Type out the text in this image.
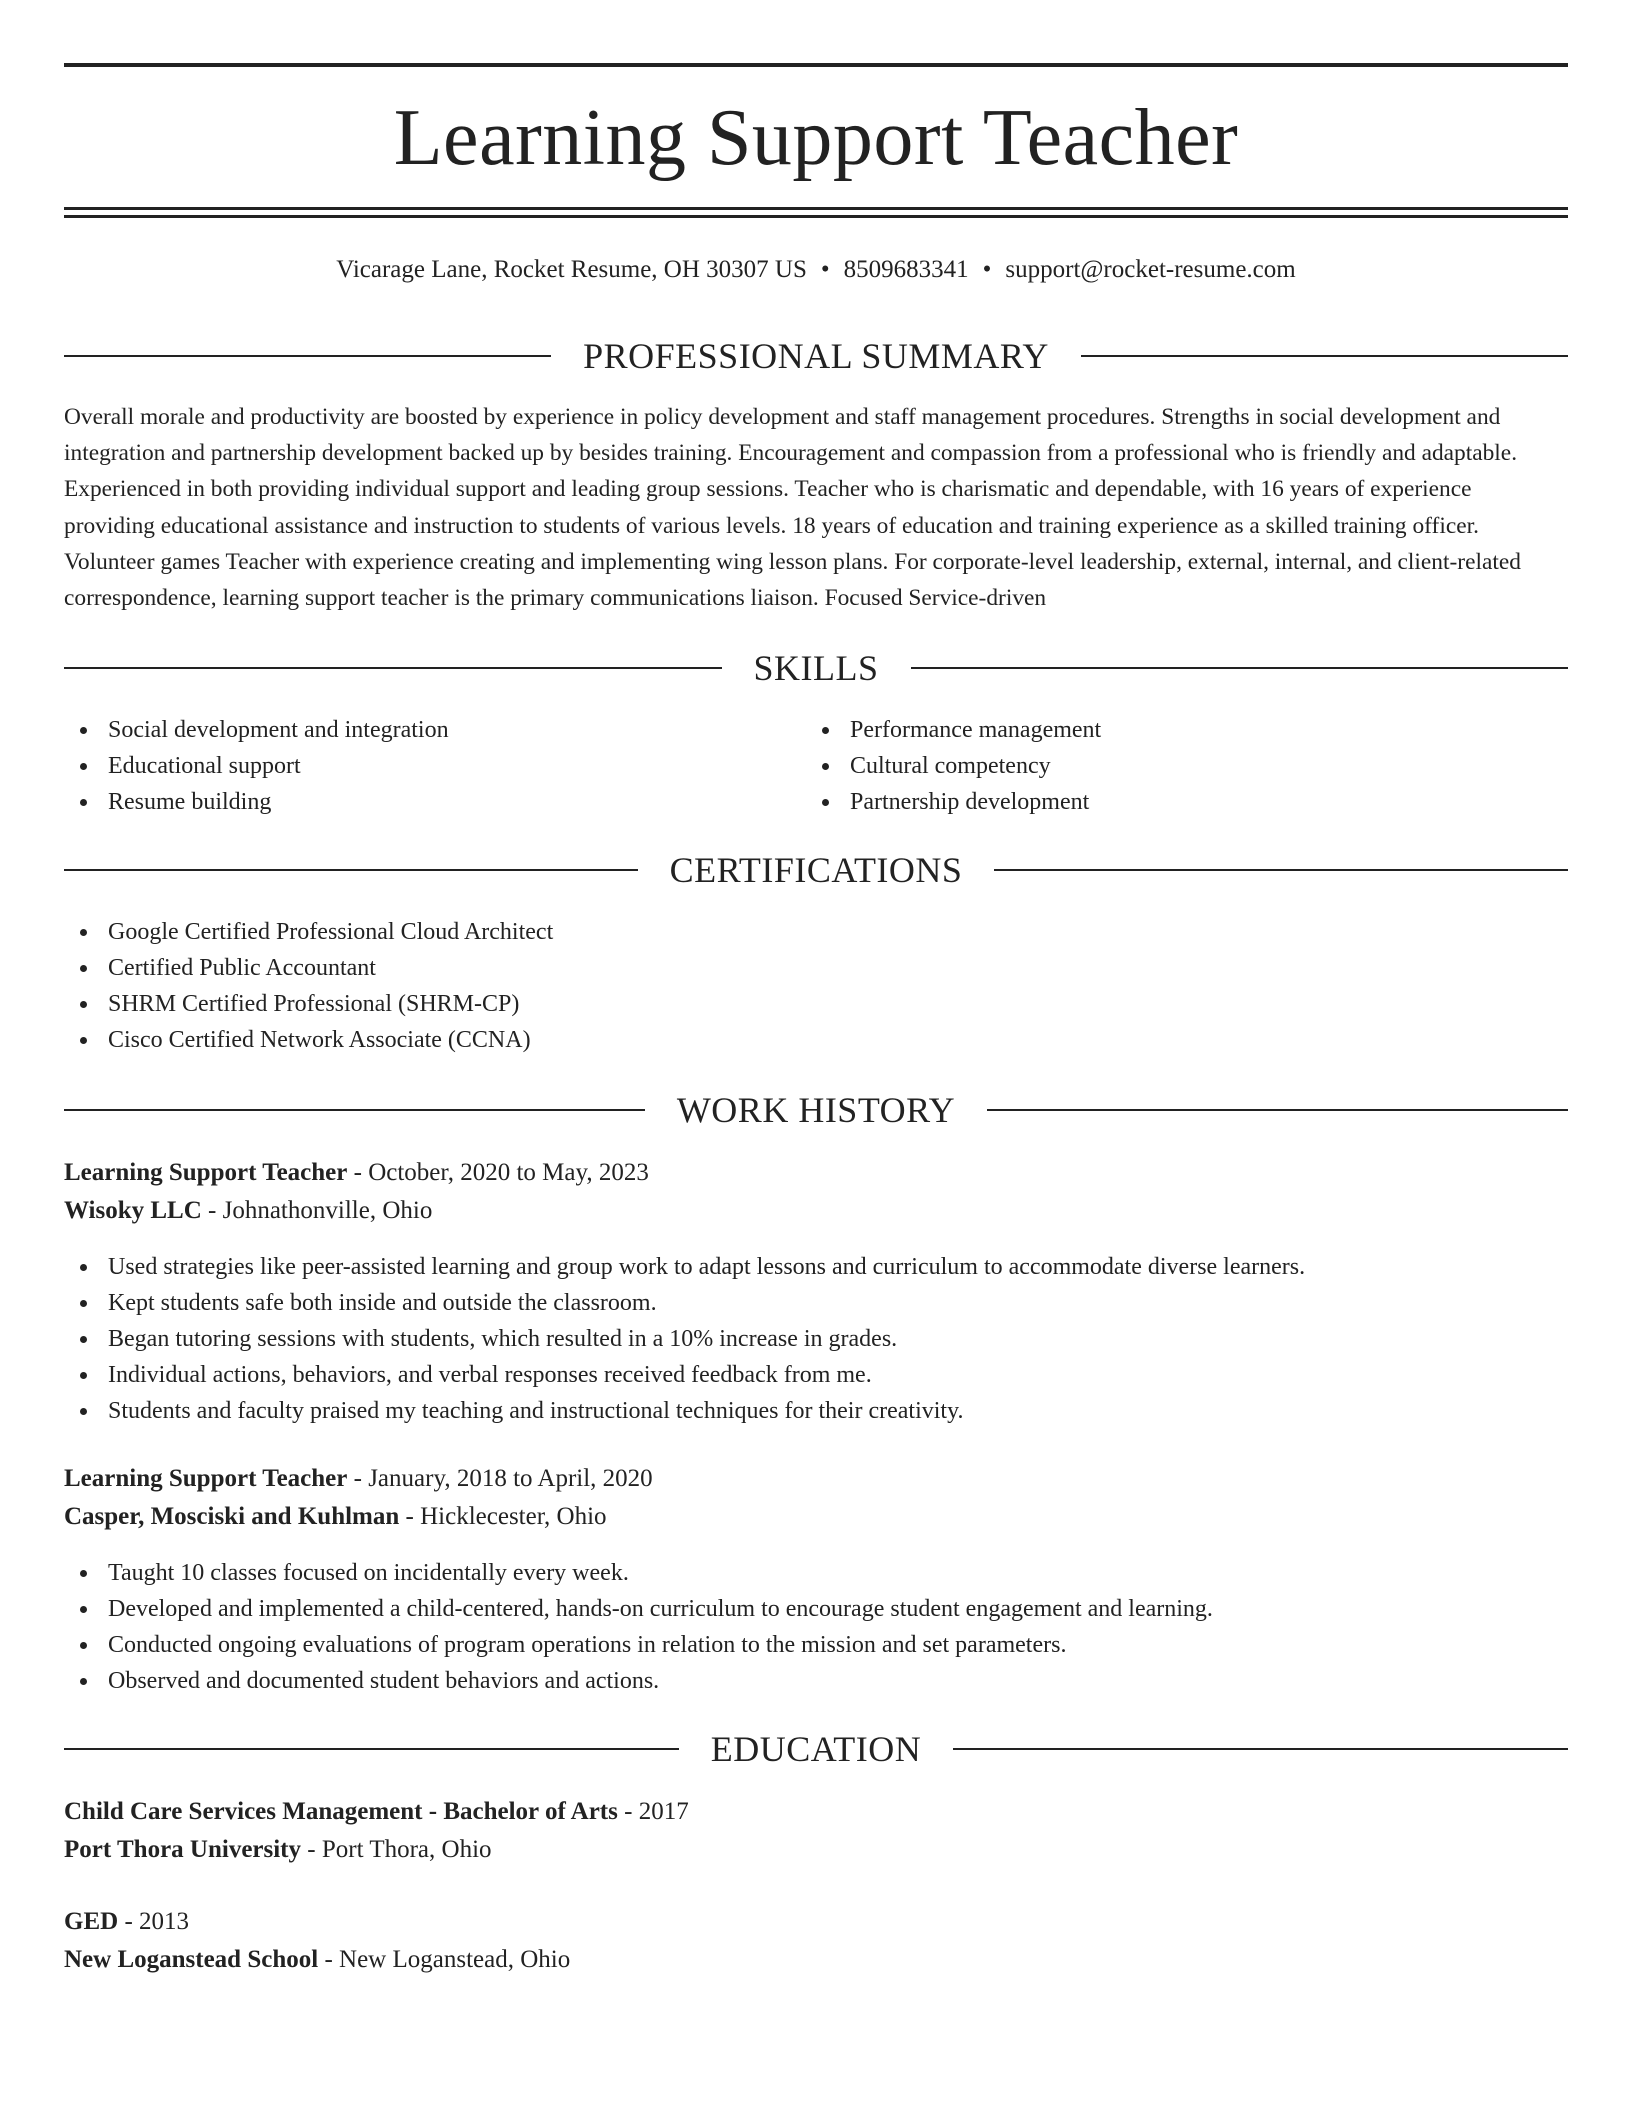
Learning Support Teacher
Vicarage Lane, Rocket Resume, OH 30307 US • 8509683341 • support@rocket-resume.com
PROFESSIONAL SUMMARY
Overall morale and productivity are boosted by experience in policy development and staff management procedures. Strengths in social development and integration and partnership development backed up by besides training. Encouragement and compassion from a professional who is friendly and adaptable. Experienced in both providing individual support and leading group sessions. Teacher who is charismatic and dependable, with 16 years of experience providing educational assistance and instruction to students of various levels. 18 years of education and training experience as a skilled training officer. Volunteer games Teacher with experience creating and implementing wing lesson plans. For corporate-level leadership, external, internal, and client-related correspondence, learning support teacher is the primary communications liaison. Focused Service-driven
SKILLS
Social development and integration
Educational support
Resume building
Performance management
Cultural competency
Partnership development
CERTIFICATIONS
Google Certified Professional Cloud Architect
Certified Public Accountant
SHRM Certified Professional (SHRM-CP)
Cisco Certified Network Associate (CCNA)
WORK HISTORY
Learning Support Teacher - October, 2020 to May, 2023
Wisoky LLC - Johnathonville, Ohio
Used strategies like peer-assisted learning and group work to adapt lessons and curriculum to accommodate diverse learners.
Kept students safe both inside and outside the classroom.
Began tutoring sessions with students, which resulted in a 10% increase in grades.
Individual actions, behaviors, and verbal responses received feedback from me.
Students and faculty praised my teaching and instructional techniques for their creativity.
Learning Support Teacher - January, 2018 to April, 2020
Casper, Mosciski and Kuhlman - Hicklecester, Ohio
Taught 10 classes focused on incidentally every week.
Developed and implemented a child-centered, hands-on curriculum to encourage student engagement and learning.
Conducted ongoing evaluations of program operations in relation to the mission and set parameters.
Observed and documented student behaviors and actions.
EDUCATION
Child Care Services Management - Bachelor of Arts - 2017
Port Thora University - Port Thora, Ohio
GED - 2013
New Loganstead School - New Loganstead, Ohio
